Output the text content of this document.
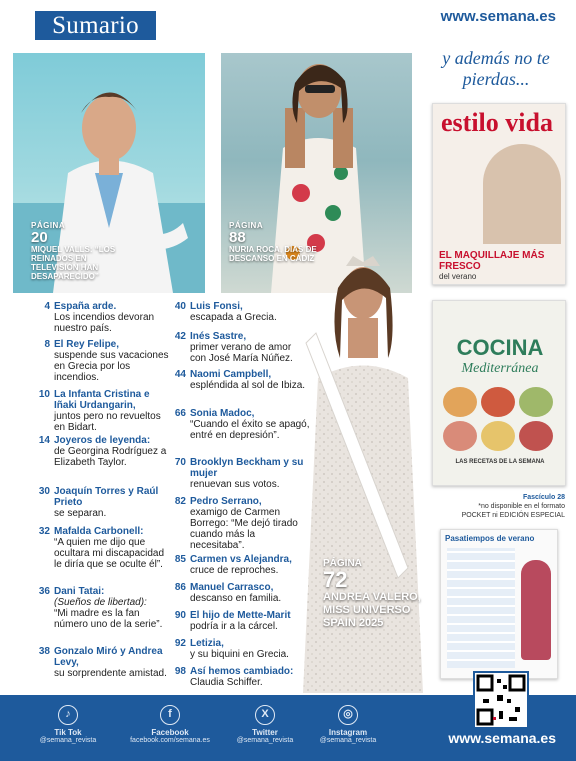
Sumario	www.semana.es
PÁGINA
20
MIQUEL VALLS: “LOS REINADOS EN TELEVISIÓN HAN DESAPARECIDO”
PÁGINA
88
NURIA ROCA, DÍAS DE DESCANSO EN CÁDIZ
PÁGINA
72
ANDREA VALERO, MISS UNIVERSO SPAIN 2025
4 España arde.
Los incendios devoran nuestro país.
8 El Rey Felipe,
suspende sus vacaciones en Grecia por los incendios.
10 La Infanta Cristina e Iñaki Urdangarin,
juntos pero no revueltos en Bidart.
14 Joyeros de leyenda:
de Georgina Rodríguez a Elizabeth Taylor.
30 Joaquín Torres y Raúl Prieto
se separan.
32 Mafalda Carbonell:
“A quien me dijo que ocultara mi discapacidad le diría que se oculte él”.
36 Dani Tatai:
(Sueños de libertad):
“Mi madre es la fan número uno de la serie”.
38 Gonzalo Miró y Andrea Levy,
su sorprendente amistad.
40 Luis Fonsi,
escapada a Grecia.
42 Inés Sastre,
primer verano de amor con José María Núñez.
44 Naomi Campbell,
espléndida al sol de Ibiza.
66 Sonia Madoc,
“Cuando el éxito se apagó, entré en depresión”.
70 Brooklyn Beckham y su mujer
renuevan sus votos.
82 Pedro Serrano,
examigo de Carmen Borrego: “Me dejó tirado cuando más la necesitaba”.
85 Carmen vs Alejandra,
cruce de reproches.
86 Manuel Carrasco,
descanso en familia.
90 El hijo de Mette-Marit
podría ir a la cárcel.
92 Letizia,
y su biquini en Grecia.
98 Así hemos cambiado:
Claudia Schiffer.
y además no te pierdas...
estilo vida
EL MAQUILLAJE MÁS FRESCO
del verano
COCINA
Mediterránea
LAS RECETAS DE LA SEMANA
Fascículo 28
*no disponible en el formato POCKET ni EDICIÓN ESPECIAL
Pasatiempos de verano
♪
Tik Tok
@semana_revista
f
Facebook
facebook.com/semana.es
X
Twitter
@semana_revista
◎
Instagram
@semana_revista	www.semana.es
